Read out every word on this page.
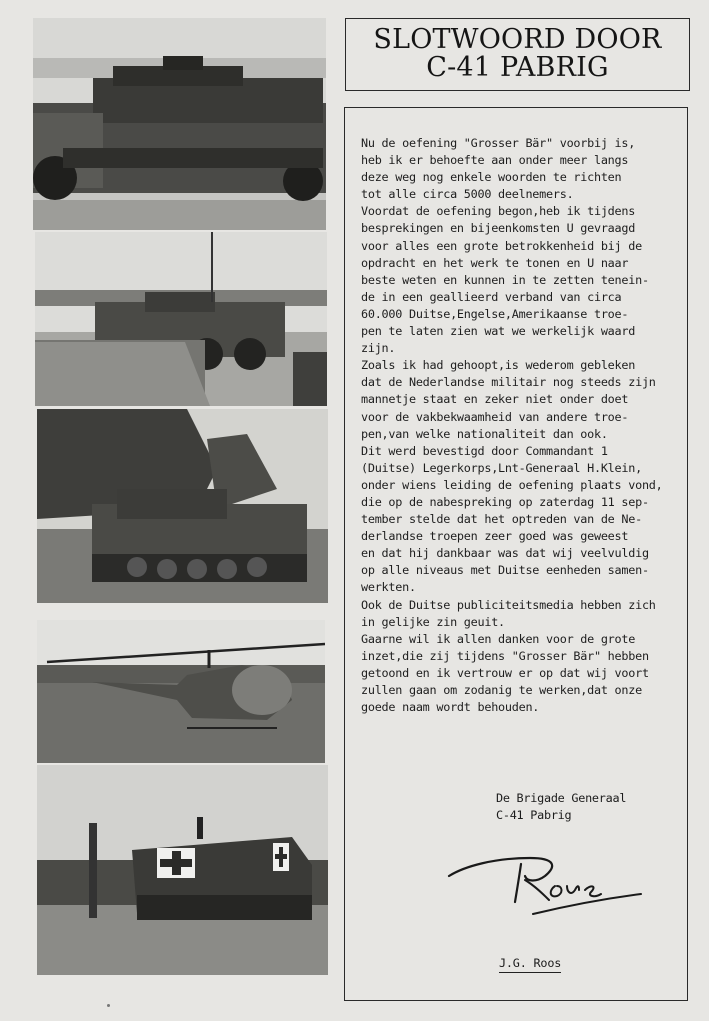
SLOTWOORD DOOR
C-41 PABRIG

Nu de oefening "Grosser Bär" voorbij is,
heb ik er behoefte aan onder meer langs
deze weg nog enkele woorden te richten
tot alle circa 5000 deelnemers.

Voordat de oefening begon,heb ik tijdens
besprekingen en bijeenkomsten U gevraagd
voor alles een grote betrokkenheid bij de
opdracht en het werk te tonen en U naar
beste weten en kunnen in te zetten tenein-
de in een geallieerd verband van circa
60.000 Duitse,Engelse,Amerikaanse troe-
pen te laten zien wat we werkelijk waard
zijn.

Zoals ik had gehoopt,is wederom gebleken
dat de Nederlandse militair nog steeds zijn
mannetje staat en zeker niet onder doet
voor de vakbekwaamheid van andere troe-
pen,van welke nationaliteit dan ook.

Dit werd bevestigd door Commandant 1
(Duitse) Legerkorps,Lnt-Generaal H.Klein,
onder wiens leiding de oefening plaats vond,
die op de nabespreking op zaterdag 11 sep-
tember stelde dat het optreden van de Ne-
derlandse troepen zeer goed was geweest
en dat hij dankbaar was dat wij veelvuldig
op alle niveaus met Duitse eenheden samen-
werkten.

Ook de Duitse publiciteitsmedia hebben zich
in gelijke zin geuit.

Gaarne wil ik allen danken voor de grote
inzet,die zij tijdens "Grosser Bär" hebben
getoond en ik vertrouw er op dat wij voort
zullen gaan om zodanig te werken,dat onze
goede naam wordt behouden.

De Brigade Generaal
C-41 Pabrig
J.G. Roos
